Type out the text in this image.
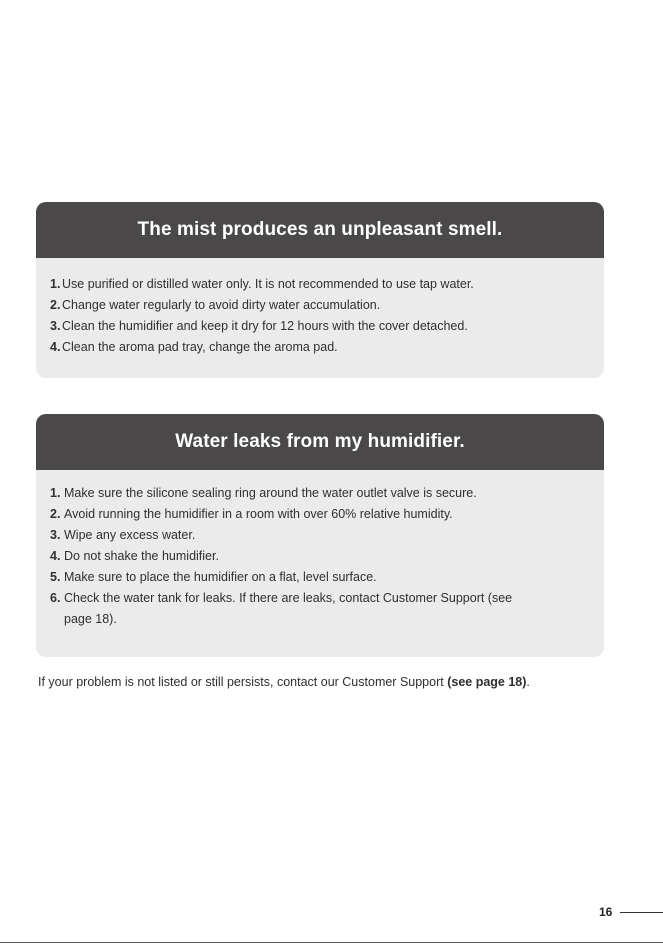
The mist produces an unpleasant smell.
1. Use purified or distilled water only. It is not recommended to use tap water.
2. Change water regularly to avoid dirty water accumulation.
3. Clean the humidifier and keep it dry for 12 hours with the cover detached.
4. Clean the aroma pad tray, change the aroma pad.
Water leaks from my humidifier.
1. Make sure the silicone sealing ring around the water outlet valve is secure.
2. Avoid running the humidifier in a room with over 60% relative humidity.
3. Wipe any excess water.
4. Do not shake the humidifier.
5. Make sure to place the humidifier on a flat, level surface.
6. Check the water tank for leaks. If there are leaks, contact Customer Support (see page 18).
If your problem is not listed or still persists, contact our Customer Support (see page 18).
16
